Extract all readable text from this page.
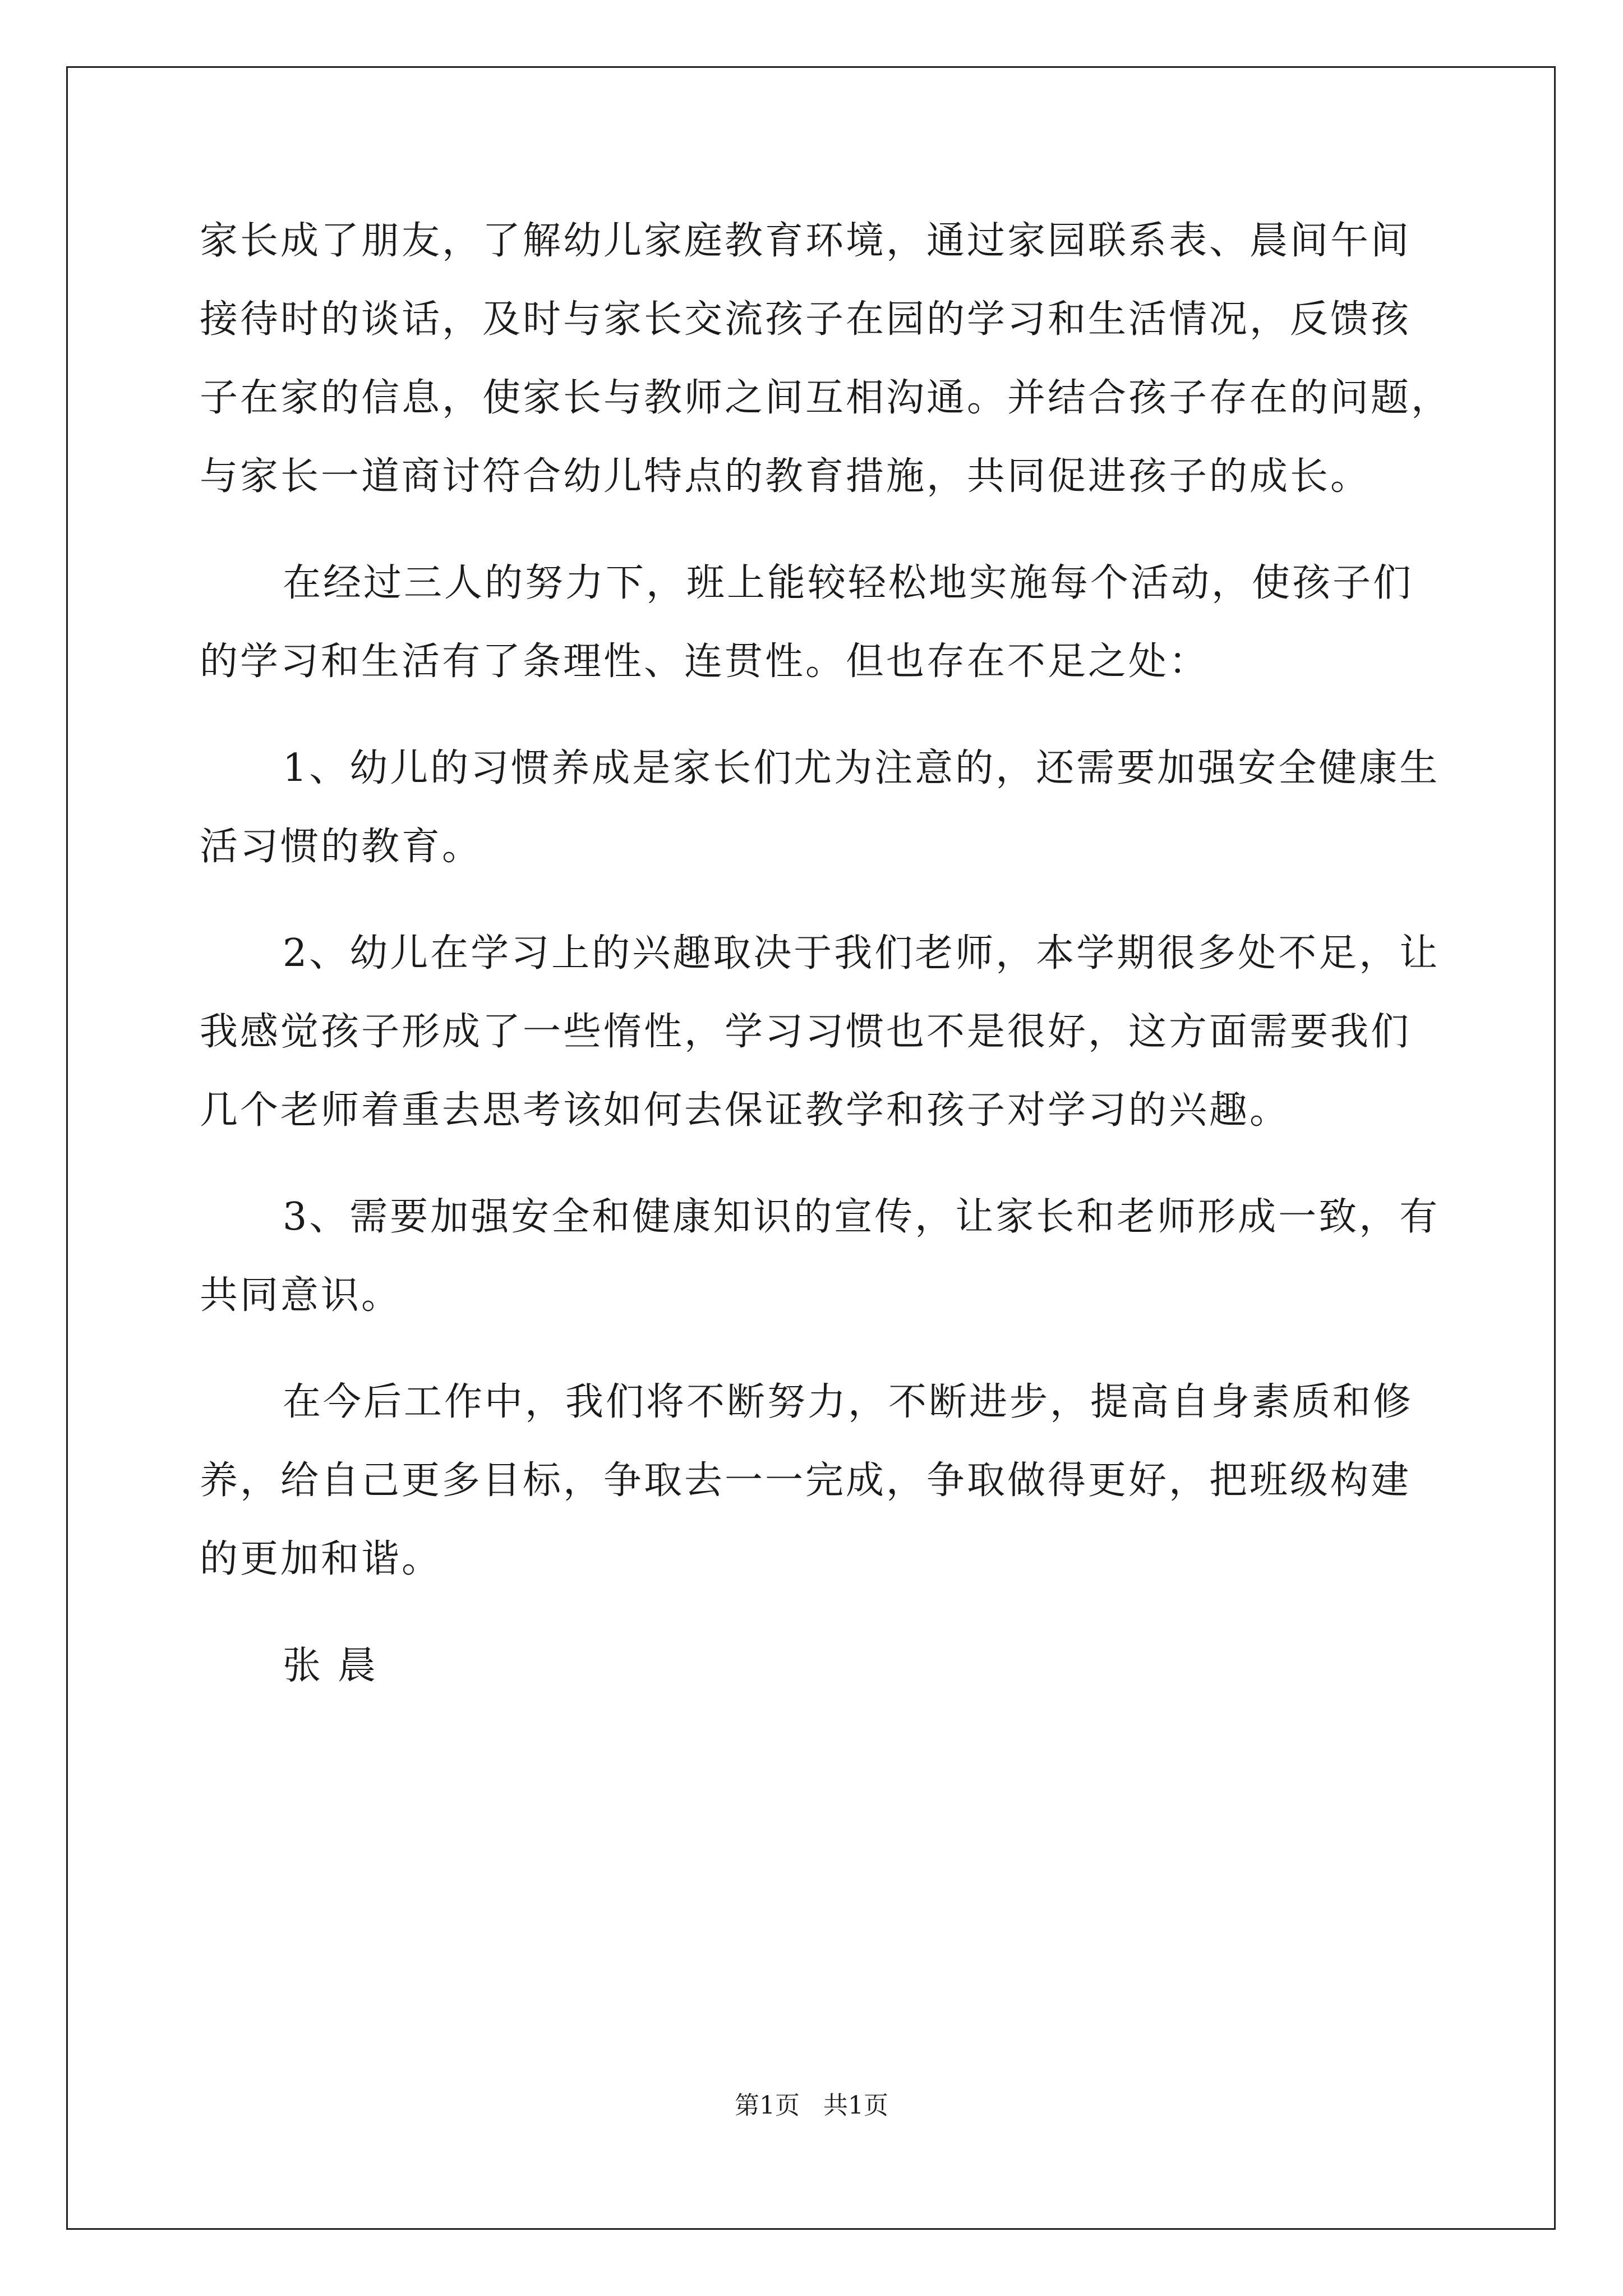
家长成了朋友，了解幼儿家庭教育环境，通过家园联系表、晨间午间
接待时的谈话，及时与家长交流孩子在园的学习和生活情况，反馈孩
子在家的信息，使家长与教师之间互相沟通。并结合孩子存在的问题，
与家长一道商讨符合幼儿特点的教育措施，共同促进孩子的成长。
在经过三人的努力下，班上能较轻松地实施每个活动，使孩子们
的学习和生活有了条理性、连贯性。但也存在不足之处：
1、幼儿的习惯养成是家长们尤为注意的，还需要加强安全健康生
活习惯的教育。
2、幼儿在学习上的兴趣取决于我们老师，本学期很多处不足，让
我感觉孩子形成了一些惰性，学习习惯也不是很好，这方面需要我们
几个老师着重去思考该如何去保证教学和孩子对学习的兴趣。
3、需要加强安全和健康知识的宣传，让家长和老师形成一致，有
共同意识。
在今后工作中，我们将不断努力，不断进步，提高自身素质和修
养，给自己更多目标，争取去一一完成，争取做得更好，把班级构建
的更加和谐。
张晨
第1页 共1页
